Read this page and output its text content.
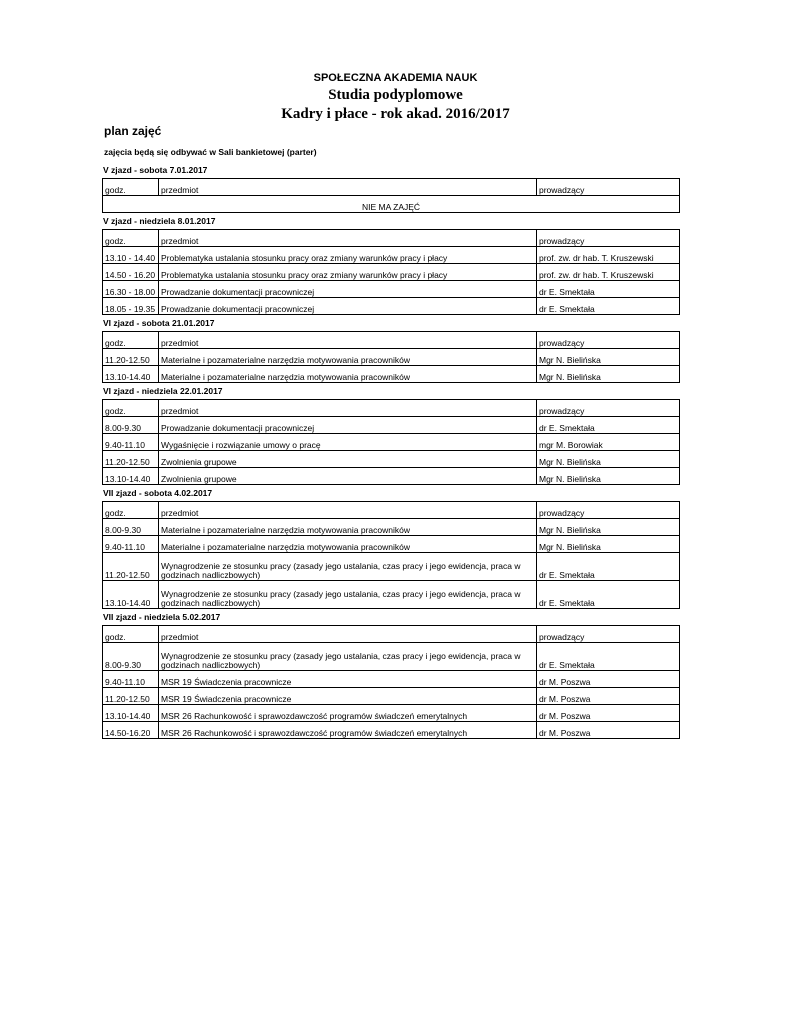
SPOŁECZNA AKADEMIA NAUK
Studia podyplomowe
Kadry i płace - rok akad. 2016/2017
plan zajęć
zajęcia będą się odbywać w Sali bankietowej (parter)
V zjazd - sobota 7.01.2017
godz.	przedmiot	prowadzący
NIE MA ZAJĘĆ
V zjazd - niedziela 8.01.2017
godz.	przedmiot	prowadzący
13.10 - 14.40	Problematyka ustalania stosunku pracy oraz zmiany warunków pracy i płacy	prof. zw. dr hab. T. Kruszewski
14.50 - 16.20	Problematyka ustalania stosunku pracy oraz zmiany warunków pracy i płacy	prof. zw. dr hab. T. Kruszewski
16.30 - 18.00	Prowadzanie dokumentacji pracowniczej	dr E. Smektała
18.05 - 19.35	Prowadzanie dokumentacji pracowniczej	dr E. Smektała
VI zjazd - sobota 21.01.2017
godz.	przedmiot	prowadzący
11.20-12.50	Materialne i pozamaterialne narzędzia motywowania pracowników	Mgr N. Bielińska
13.10-14.40	Materialne i pozamaterialne narzędzia motywowania pracowników	Mgr N. Bielińska
VI zjazd - niedziela 22.01.2017
godz.	przedmiot	prowadzący
8.00-9.30	Prowadzanie dokumentacji pracowniczej	dr E. Smektała
9.40-11.10	Wygaśnięcie i rozwiązanie umowy o pracę	mgr M. Borowiak
11.20-12.50	Zwolnienia grupowe	Mgr N. Bielińska
13.10-14.40	Zwolnienia grupowe	Mgr N. Bielińska
VII zjazd - sobota 4.02.2017
godz.	przedmiot	prowadzący
8.00-9.30	Materialne i pozamaterialne narzędzia motywowania pracowników	Mgr N. Bielińska
9.40-11.10	Materialne i pozamaterialne narzędzia motywowania pracowników	Mgr N. Bielińska
11.20-12.50	Wynagrodzenie ze stosunku pracy (zasady jego ustalania, czas pracy i jego ewidencja, praca w godzinach nadliczbowych)	dr E. Smektała
13.10-14.40	Wynagrodzenie ze stosunku pracy (zasady jego ustalania, czas pracy i jego ewidencja, praca w godzinach nadliczbowych)	dr E. Smektała
VII zjazd - niedziela 5.02.2017
godz.	przedmiot	prowadzący
8.00-9.30	Wynagrodzenie ze stosunku pracy (zasady jego ustalania, czas pracy i jego ewidencja, praca w godzinach nadliczbowych)	dr E. Smektała
9.40-11.10	MSR 19 Świadczenia pracownicze	dr M. Poszwa
11.20-12.50	MSR 19 Świadczenia pracownicze	dr M. Poszwa
13.10-14.40	MSR 26 Rachunkowość i sprawozdawczość programów świadczeń emerytalnych	dr M. Poszwa
14.50-16.20	MSR 26 Rachunkowość i sprawozdawczość programów świadczeń emerytalnych	dr M. Poszwa
